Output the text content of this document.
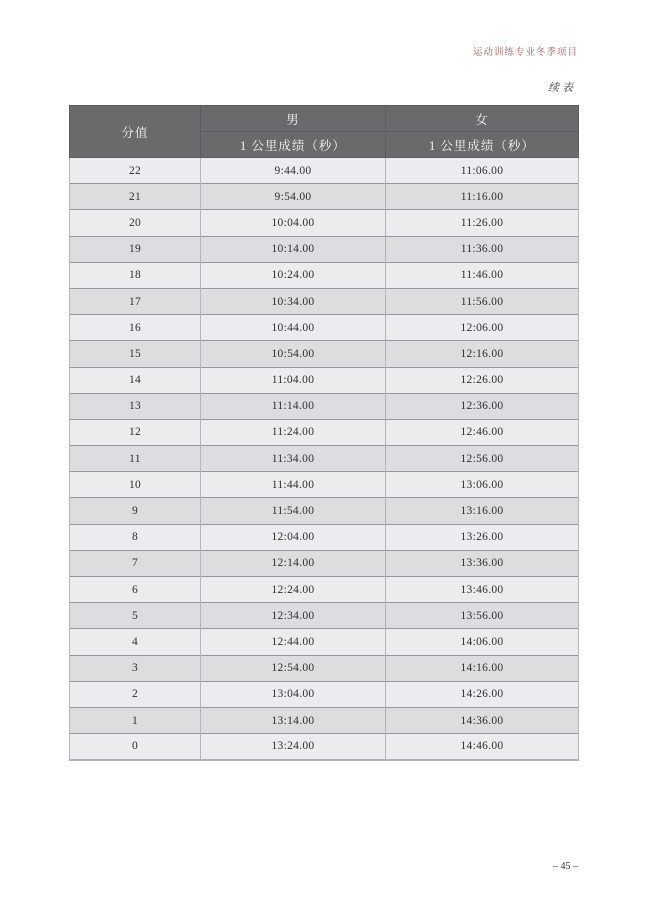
运动训练专业冬季项目
续表
分值	男	女
	1 公里成绩（秒）	1 公里成绩（秒）
22	9:44.00	11:06.00
21	9:54.00	11:16.00
20	10:04.00	11:26.00
19	10:14.00	11:36.00
18	10:24.00	11:46.00
17	10:34.00	11:56.00
16	10:44.00	12:06.00
15	10:54.00	12:16.00
14	11:04.00	12:26.00
13	11:14.00	12:36.00
12	11:24.00	12:46.00
11	11:34.00	12:56.00
10	11:44.00	13:06.00
9	11:54.00	13:16.00
8	12:04.00	13:26.00
7	12:14.00	13:36.00
6	12:24.00	13:46.00
5	12:34.00	13:56.00
4	12:44.00	14:06.00
3	12:54.00	14:16.00
2	13:04.00	14:26.00
1	13:14.00	14:36.00
0	13:24.00	14:46.00
– 45 –
